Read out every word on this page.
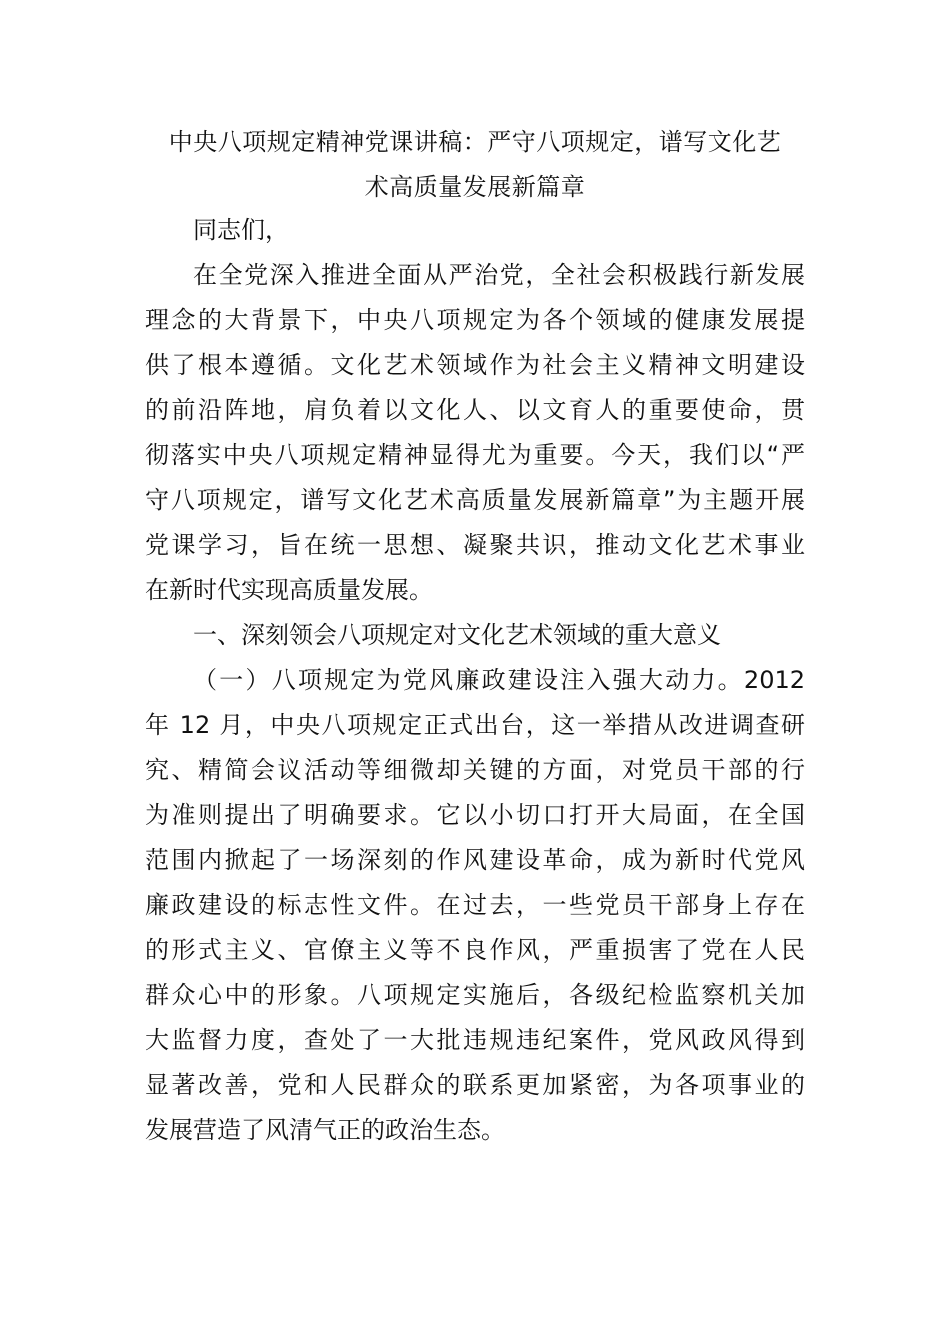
中央八项规定精神党课讲稿：严守八项规定，谱写文化艺
术高质量发展新篇章
同志们，
在全党深入推进全面从严治党，全社会积极践行新发展
理念的大背景下，中央八项规定为各个领域的健康发展提
供了根本遵循。文化艺术领域作为社会主义精神文明建设
的前沿阵地，肩负着以文化人、以文育人的重要使命，贯
彻落实中央八项规定精神显得尤为重要。今天，我们以“严
守八项规定，谱写文化艺术高质量发展新篇章”为主题开展
党课学习，旨在统一思想、凝聚共识，推动文化艺术事业
在新时代实现高质量发展。
一、深刻领会八项规定对文化艺术领域的重大意义
（一）八项规定为党风廉政建设注入强大动力。2012
年 12 月，中央八项规定正式出台，这一举措从改进调查研
究、精简会议活动等细微却关键的方面，对党员干部的行
为准则提出了明确要求。它以小切口打开大局面，在全国
范围内掀起了一场深刻的作风建设革命，成为新时代党风
廉政建设的标志性文件。在过去，一些党员干部身上存在
的形式主义、官僚主义等不良作风，严重损害了党在人民
群众心中的形象。八项规定实施后，各级纪检监察机关加
大监督力度，查处了一大批违规违纪案件，党风政风得到
显著改善，党和人民群众的联系更加紧密，为各项事业的
发展营造了风清气正的政治生态。
